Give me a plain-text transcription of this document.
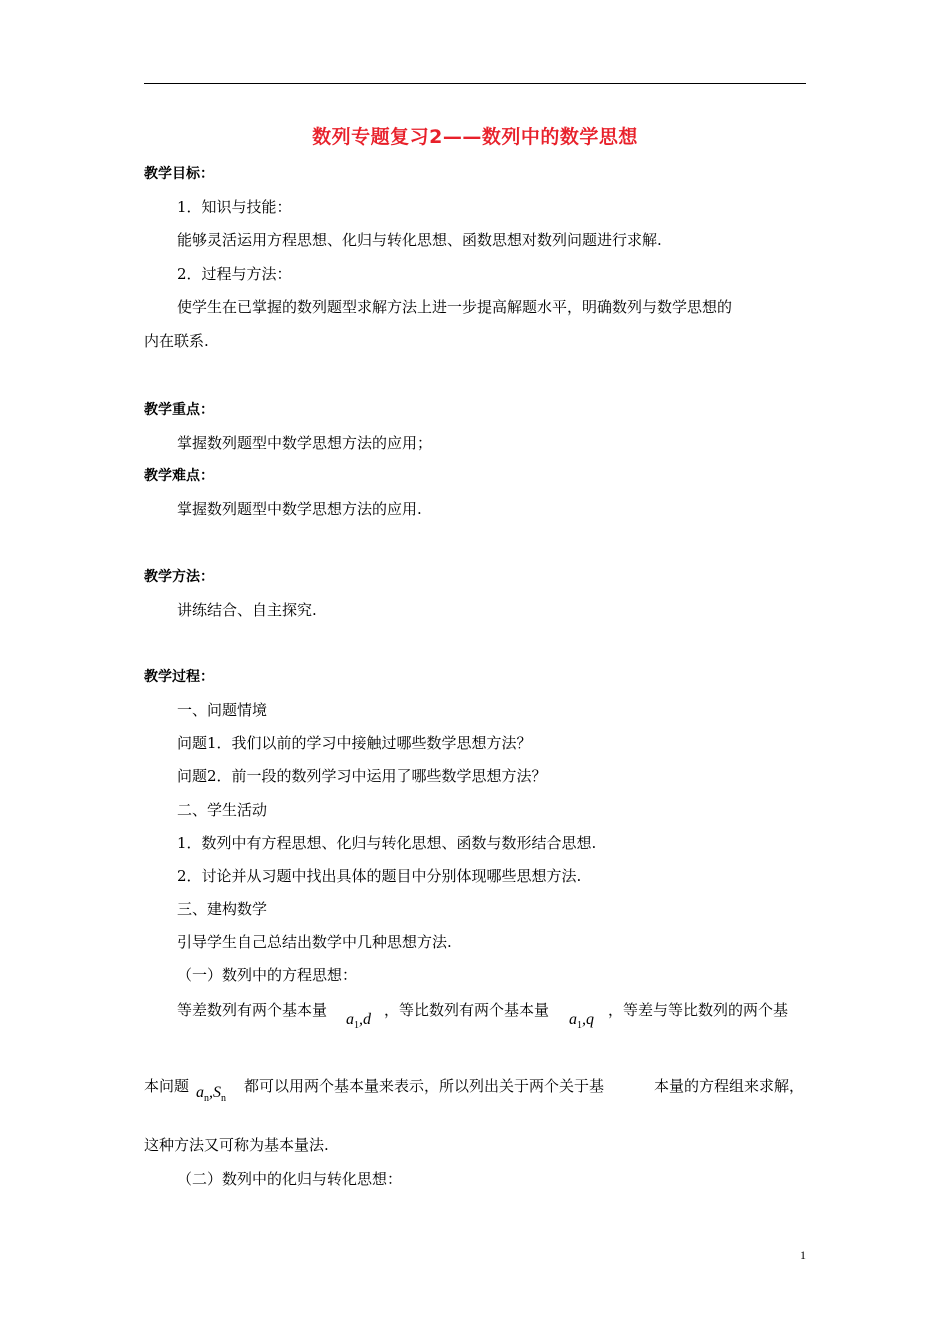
数列专题复习2——数列中的数学思想
教学目标：
1．知识与技能：
能够灵活运用方程思想、化归与转化思想、函数思想对数列问题进行求解.
2．过程与方法：
使学生在已掌握的数列题型求解方法上进一步提高解题水平，明确数列与数学思想的
内在联系.
教学重点：
掌握数列题型中数学思想方法的应用；
教学难点：
掌握数列题型中数学思想方法的应用.
教学方法：
讲练结合、自主探究.
教学过程：
一、问题情境
问题1．我们以前的学习中接触过哪些数学思想方法？
问题2．前一段的数列学习中运用了哪些数学思想方法？
二、学生活动
1．数列中有方程思想、化归与转化思想、函数与数形结合思想.
2．讨论并从习题中找出具体的题目中分别体现哪些思想方法.
三、建构数学
引导学生自己总结出数学中几种思想方法.
（一）数列中的方程思想：
等差数列有两个基本量
$a_1,d$
，等比数列有两个基本量
$a_1,q$
，等差与等比数列的两个基
本问题 $a_n,S_n$
都可以用两个基本量来表示，所以列出关于两个关于基	本量的方程组来求解，
这种方法又可称为基本量法.
（二）数列中的化归与转化思想：
1
